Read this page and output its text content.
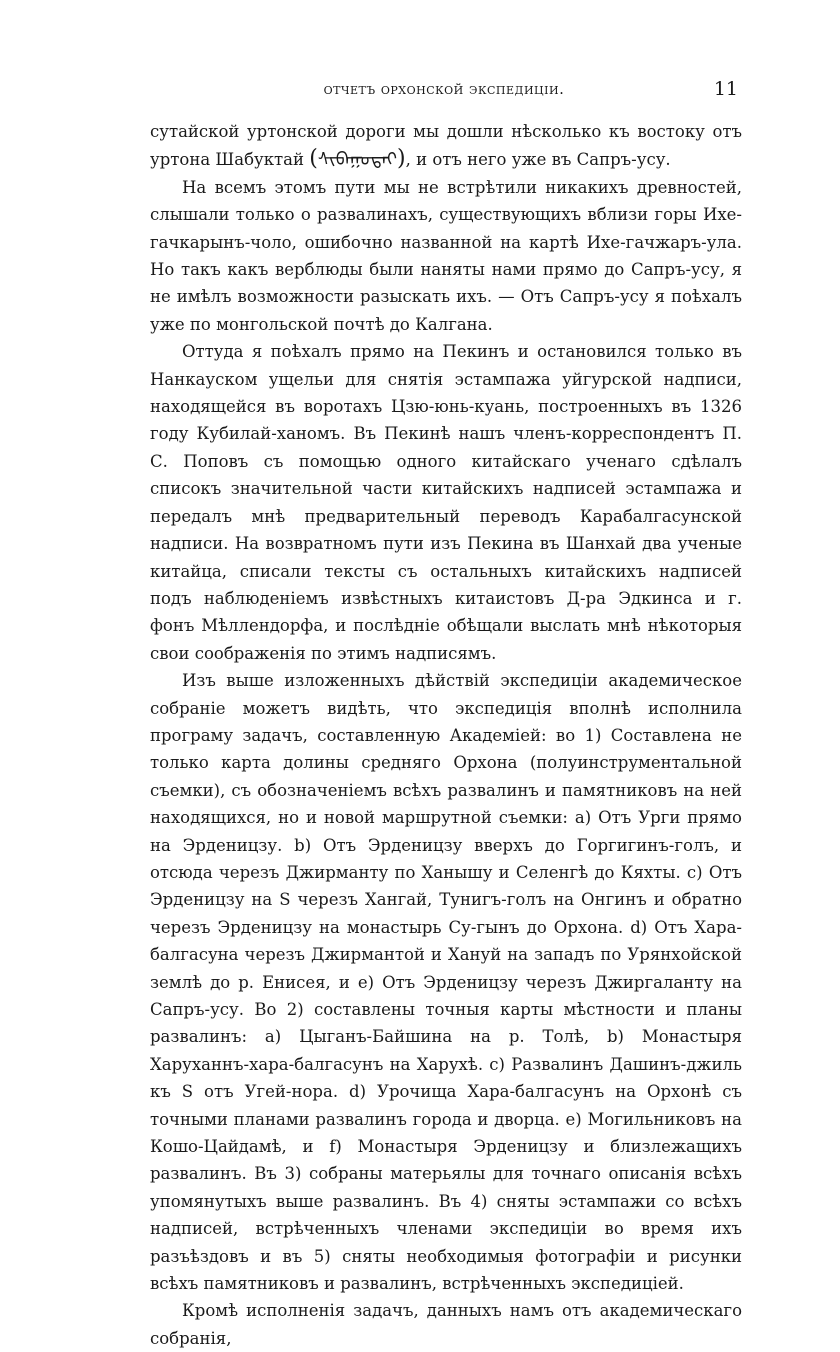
отчетъ орхонской экспедиціи.	11

сутайской уртонской дороги мы дошли нѣсколько къ востоку отъ уртона Шабуктай (ᠰᠢᠪᠠᠭᠤᠲᠠᠢ), и отъ него уже въ Сапръ-усу.

На всемъ этомъ пути мы не встрѣтили никакихъ древностей, слышали только о развалинахъ, существующихъ вблизи горы Ихе-гачкарынъ-чоло, ошибочно названной на картѣ Ихе-гачжаръ-ула. Но такъ какъ верблюды были наняты нами прямо до Сапръ-усу, я не имѣлъ возможности разыскать ихъ. — Отъ Сапръ-усу я поѣхалъ уже по монгольской почтѣ до Калгана.

Оттуда я поѣхалъ прямо на Пекинъ и остановился только въ Нанкауском ущельи для снятія эстампажа уйгурской надписи, находящейся въ воротахъ Цзю-юнь-куань, построенныхъ въ 1326 году Кубилай-ханомъ. Въ Пекинѣ нашъ членъ-корреспондентъ П. С. Поповъ съ помощью одного китайскаго ученаго сдѣлалъ списокъ значительной части китайскихъ надписей эстампажа и передалъ мнѣ предварительный переводъ Карабалгасунской надписи. На возвратномъ пути изъ Пекина въ Шанхай два ученые китайца, списали тексты съ остальныхъ китайскихъ надписей подъ наблюденіемъ извѣстныхъ китаистовъ Д-ра Эдкинса и г. фонъ Мѣллендорфа, и послѣдніе обѣщали выслать мнѣ нѣкоторыя свои соображенія по этимъ надписямъ.

Изъ выше изложенныхъ дѣйствій экспедиціи академическое собраніе можетъ видѣть, что экспедиція вполнѣ исполнила програму задачъ, составленную Академіей: во 1) Составлена не только карта долины средняго Орхона (полуинструментальной съемки), съ обозначеніемъ всѣхъ развалинъ и памятниковъ на ней находящихся, но и новой маршрутной съемки: а) Отъ Урги прямо на Эрденицзу. b) Отъ Эрденицзу вверхъ до Горгигинъ-голъ, и отсюда черезъ Джирманту по Ханышу и Селенгѣ до Кяхты. с) Отъ Эрденицзу на S черезъ Хангай, Тунигъ-голъ на Онгинъ и обратно черезъ Эрденицзу на монастырь Су-гынъ до Орхона. d) Отъ Хара-балгасуна черезъ Джирмантой и Хануй на западъ по Урянхойской землѣ до р. Енисея, и е) Отъ Эрденицзу черезъ Джиргаланту на Сапръ-усу. Во 2) составлены точныя карты мѣстности и планы развалинъ: а) Цыганъ-Байшина на р. Толѣ, b) Монастыря Харуханнъ-хара-балгасунъ на Харухѣ. с) Развалинъ Дашинъ-джиль къ S отъ Угей-нора. d) Урочища Хара-балгасунъ на Орхонѣ съ точными планами развалинъ города и дворца. е) Могильниковъ на Кошо-Цайдамѣ, и f) Монастыря Эрденицзу и близлежащихъ развалинъ. Въ 3) собраны матерьялы для точнаго описанія всѣхъ упомянутыхъ выше развалинъ. Въ 4) сняты эстампажи со всѣхъ надписей, встрѣченныхъ членами экспедиціи во время ихъ разъѣздовъ и въ 5) сняты необходимыя фотографіи и рисунки всѣхъ памятниковъ и развалинъ, встрѣченныхъ экспедиціей.

Кромѣ исполненія задачъ, данныхъ намъ отъ академическаго собранія,
